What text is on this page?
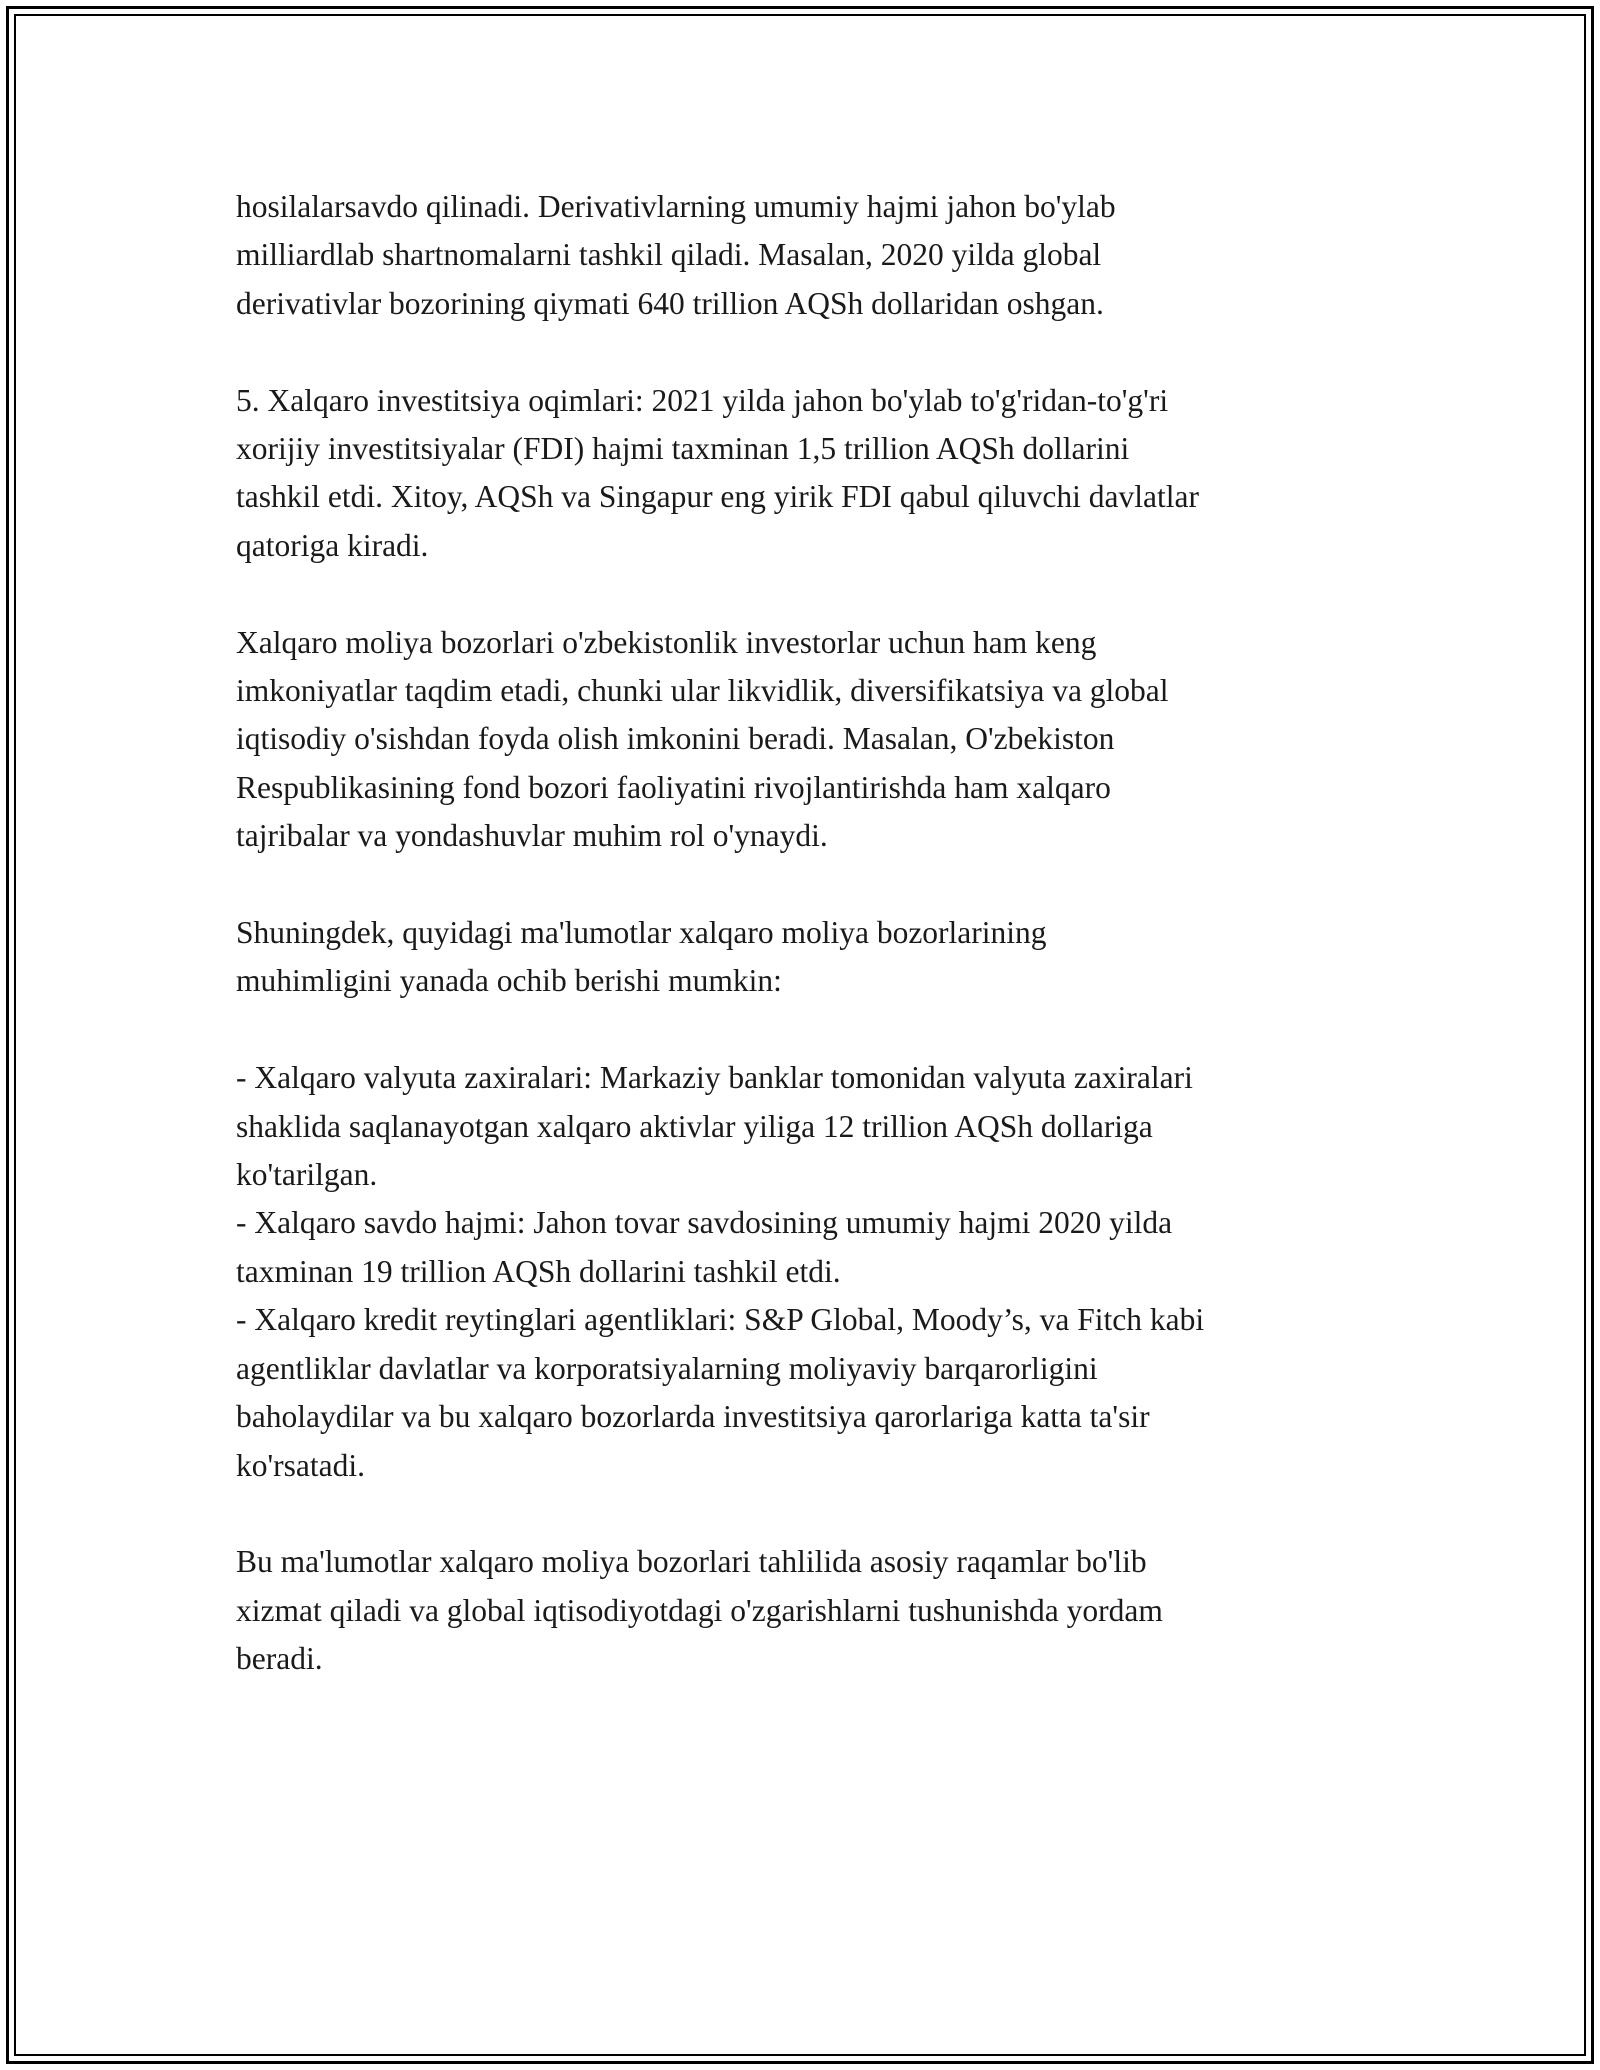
hosilalarsavdo qilinadi. Derivativlarning umumiy hajmi jahon bo'ylab
milliardlab shartnomalarni tashkil qiladi. Masalan, 2020 yilda global
derivativlar bozorining qiymati 640 trillion AQSh dollaridan oshgan.

5. Xalqaro investitsiya oqimlari: 2021 yilda jahon bo'ylab to'g'ridan-to'g'ri
xorijiy investitsiyalar (FDI) hajmi taxminan 1,5 trillion AQSh dollarini
tashkil etdi. Xitoy, AQSh va Singapur eng yirik FDI qabul qiluvchi davlatlar
qatoriga kiradi.

Xalqaro moliya bozorlari o'zbekistonlik investorlar uchun ham keng
imkoniyatlar taqdim etadi, chunki ular likvidlik, diversifikatsiya va global
iqtisodiy o'sishdan foyda olish imkonini beradi. Masalan, O'zbekiston
Respublikasining fond bozori faoliyatini rivojlantirishda ham xalqaro
tajribalar va yondashuvlar muhim rol o'ynaydi.

Shuningdek, quyidagi ma'lumotlar xalqaro moliya bozorlarining
muhimligini yanada ochib berishi mumkin:

- Xalqaro valyuta zaxiralari: Markaziy banklar tomonidan valyuta zaxiralari
shaklida saqlanayotgan xalqaro aktivlar yiliga 12 trillion AQSh dollariga
ko'tarilgan.
- Xalqaro savdo hajmi: Jahon tovar savdosining umumiy hajmi 2020 yilda
taxminan 19 trillion AQSh dollarini tashkil etdi.
- Xalqaro kredit reytinglari agentliklari: S&P Global, Moody’s, va Fitch kabi
agentliklar davlatlar va korporatsiyalarning moliyaviy barqarorligini
baholaydilar va bu xalqaro bozorlarda investitsiya qarorlariga katta ta'sir
ko'rsatadi.

Bu ma'lumotlar xalqaro moliya bozorlari tahlilida asosiy raqamlar bo'lib
xizmat qiladi va global iqtisodiyotdagi o'zgarishlarni tushunishda yordam
beradi.
